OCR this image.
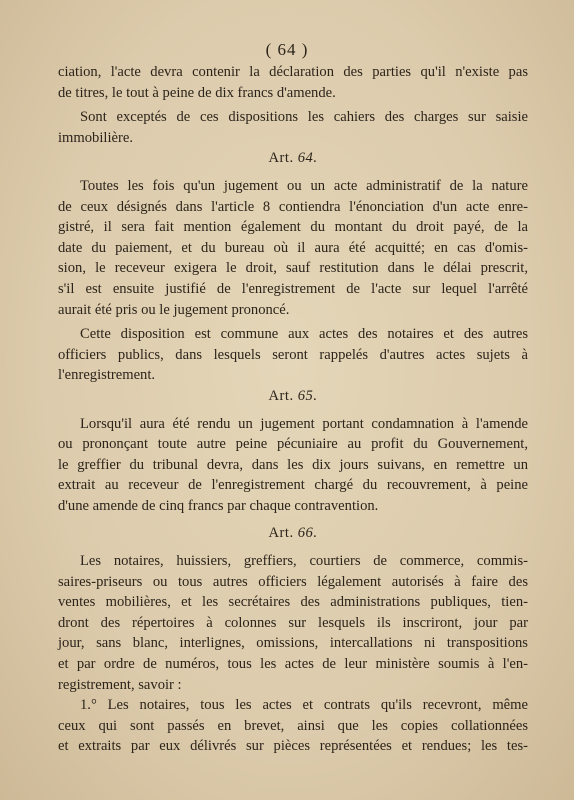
( 64 )

ciation, l'acte devra contenir la déclaration des parties qu'il n'existe pas
de titres, le tout à peine de dix francs d'amende.

Sont exceptés de ces dispositions les cahiers des charges sur saisie
immobilière.

Art. 64.

Toutes les fois qu'un jugement ou un acte administratif de la nature
de ceux désignés dans l'article 8 contiendra l'énonciation d'un acte enre-
gistré, il sera fait mention également du montant du droit payé, de la
date du paiement, et du bureau où il aura été acquitté; en cas d'omis-
sion, le receveur exigera le droit, sauf restitution dans le délai prescrit,
s'il est ensuite justifié de l'enregistrement de l'acte sur lequel l'arrêté
aurait été pris ou le jugement prononcé.

Cette disposition est commune aux actes des notaires et des autres
officiers publics, dans lesquels seront rappelés d'autres actes sujets à
l'enregistrement.

Art. 65.

Lorsqu'il aura été rendu un jugement portant condamnation à l'amende
ou prononçant toute autre peine pécuniaire au profit du Gouvernement,
le greffier du tribunal devra, dans les dix jours suivans, en remettre un
extrait au receveur de l'enregistrement chargé du recouvrement, à peine
d'une amende de cinq francs par chaque contravention.

Art. 66.

Les notaires, huissiers, greffiers, courtiers de commerce, commis-
saires-priseurs ou tous autres officiers légalement autorisés à faire des
ventes mobilières, et les secrétaires des administrations publiques, tien-
dront des répertoires à colonnes sur lesquels ils inscriront, jour par
jour, sans blanc, interlignes, omissions, intercallations ni transpositions
et par ordre de numéros, tous les actes de leur ministère soumis à l'en-
registrement, savoir :

1.° Les notaires, tous les actes et contrats qu'ils recevront, même
ceux qui sont passés en brevet, ainsi que les copies collationnées
et extraits par eux délivrés sur pièces représentées et rendues; les tes-
